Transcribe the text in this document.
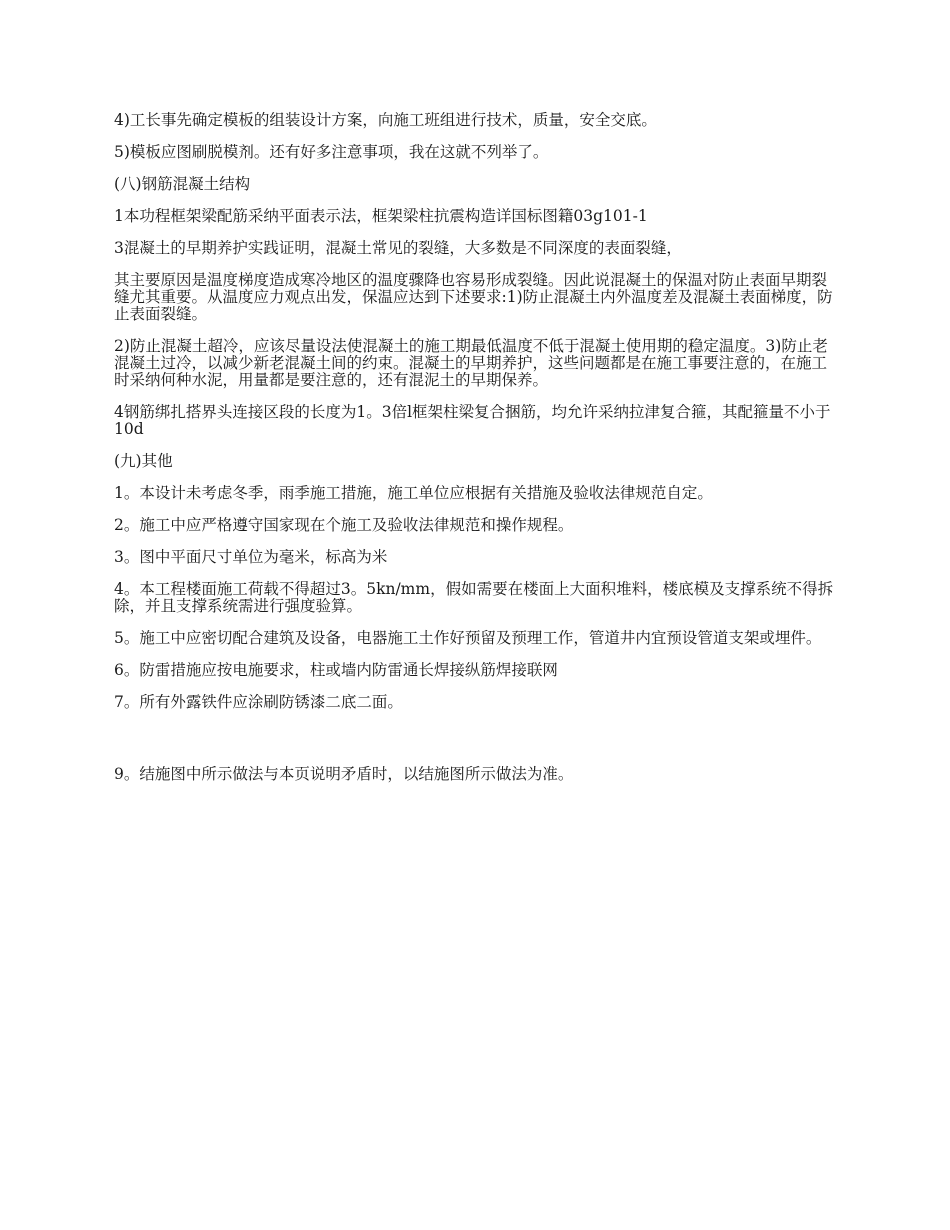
4)工长事先确定模板的组装设计方案，向施工班组进行技术，质量，安全交底。

5)模板应图刷脱模剂。还有好多注意事项，我在这就不列举了。

(八)钢筋混凝土结构

1本功程框架梁配筋采纳平面表示法，框架梁柱抗震构造详国标图籍03g101-1

3混凝土的早期养护实践证明，混凝土常见的裂缝，大多数是不同深度的表面裂缝，

其主要原因是温度梯度造成寒冷地区的温度骤降也容易形成裂缝。因此说混凝土的保温对防止表面早期裂缝尤其重要。从温度应力观点出发，保温应达到下述要求:1)防止混凝土内外温度差及混凝土表面梯度，防止表面裂缝。

2)防止混凝土超冷，应该尽量设法使混凝土的施工期最低温度不低于混凝土使用期的稳定温度。3)防止老混凝土过冷，以减少新老混凝土间的约束。混凝土的早期养护，这些问题都是在施工事要注意的，在施工时采纳何种水泥，用量都是要注意的，还有混泥土的早期保养。

4钢筋绑扎搭界头连接区段的长度为1。3倍l框架柱梁复合捆筋，均允许采纳拉津复合箍，其配箍量不小于10d

(九)其他

1。本设计未考虑冬季，雨季施工措施，施工单位应根据有关措施及验收法律规范自定。

2。施工中应严格遵守国家现在个施工及验收法律规范和操作规程。

3。图中平面尺寸单位为毫米，标高为米

4。本工程楼面施工荷载不得超过3。5kn/mm，假如需要在楼面上大面积堆料，楼底模及支撑系统不得拆除，并且支撑系统需进行强度验算。

5。施工中应密切配合建筑及设备，电器施工土作好预留及预理工作，管道井内宜预设管道支架或埋件。

6。防雷措施应按电施要求，柱或墙内防雷通长焊接纵筋焊接联网

7。所有外露铁件应涂刷防锈漆二底二面。

9。结施图中所示做法与本页说明矛盾时，以结施图所示做法为准。
